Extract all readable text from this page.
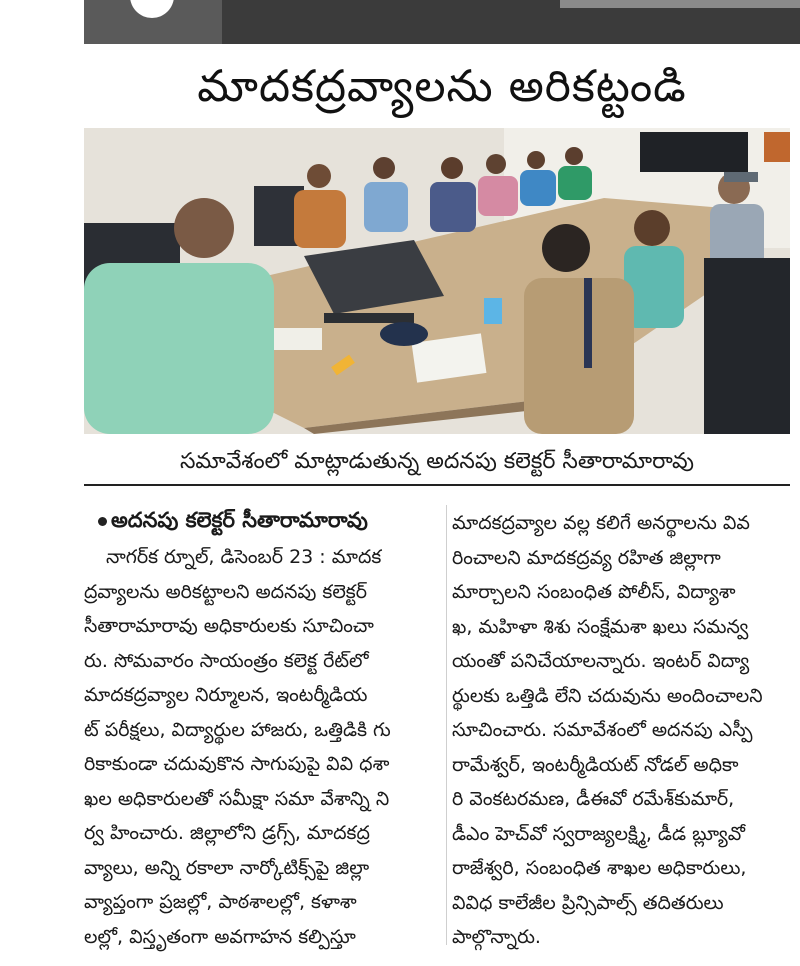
మాదకద్రవ్యాలను అరికట్టండి
సమావేశంలో మాట్లాడుతున్న అదనపు కలెక్టర్ సీతారామారావు
అదనపు కలెక్టర్ సీతారామారావు
నాగర్‌క ర్నూల్, డిసెంబర్ 23 : మాదక
ద్రవ్యాలను అరికట్టాలని అదనపు కలెక్టర్
సీతారామారావు అధికారులకు సూచించా
రు. సోమవారం సాయంత్రం కలెక్ట రేట్‌లో
మాదకద్రవ్యాల నిర్మూలన, ఇంటర్మీడియ
ట్ పరీక్షలు, విద్యార్థుల హాజరు, ఒత్తిడికి గు
రికాకుండా చదువుకొన సాగుపుపై వివి ధశా
ఖల అధికారులతో సమీక్షా సమా వేశాన్ని ని
ర్వ హించారు. జిల్లాలోని డ్రగ్స్, మాదకద్ర
వ్యాలు, అన్ని రకాలా నార్కోటిక్స్‌పై జిల్లా
వ్యాప్తంగా ప్రజల్లో, పాఠశాలల్లో, కళాశా
లల్లో, విస్తృతంగా అవగాహన కల్పిస్తూ
మాదకద్రవ్యాల వల్ల కలిగే అనర్థాలను వివ
రించాలని మాదకద్రవ్య రహిత జిల్లాగా
మార్చాలని సంబంధిత పోలీస్, విద్యాశా
ఖ, మహిళా శిశు సంక్షేమశా ఖలు సమన్వ
యంతో పనిచేయాలన్నారు. ఇంటర్ విద్యా
ర్థులకు ఒత్తిడి లేని చదువును అందించాలని
సూచించారు. సమావేశంలో అదనపు ఎస్పీ
రామేశ్వర్, ఇంటర్మీడియట్ నోడల్ అధికా
రి వెంకటరమణ, డీఈవో రమేశ్‌కుమార్,
డీఎం హెచ్‌వో స్వరాజ్యలక్ష్మి, డీడ బ్ల్యూవో
రాజేశ్వరి, సంబంధిత శాఖల అధికారులు,
వివిధ కాలేజీల ప్రిన్సిపాల్స్ తదితరులు
పాల్గొన్నారు.
